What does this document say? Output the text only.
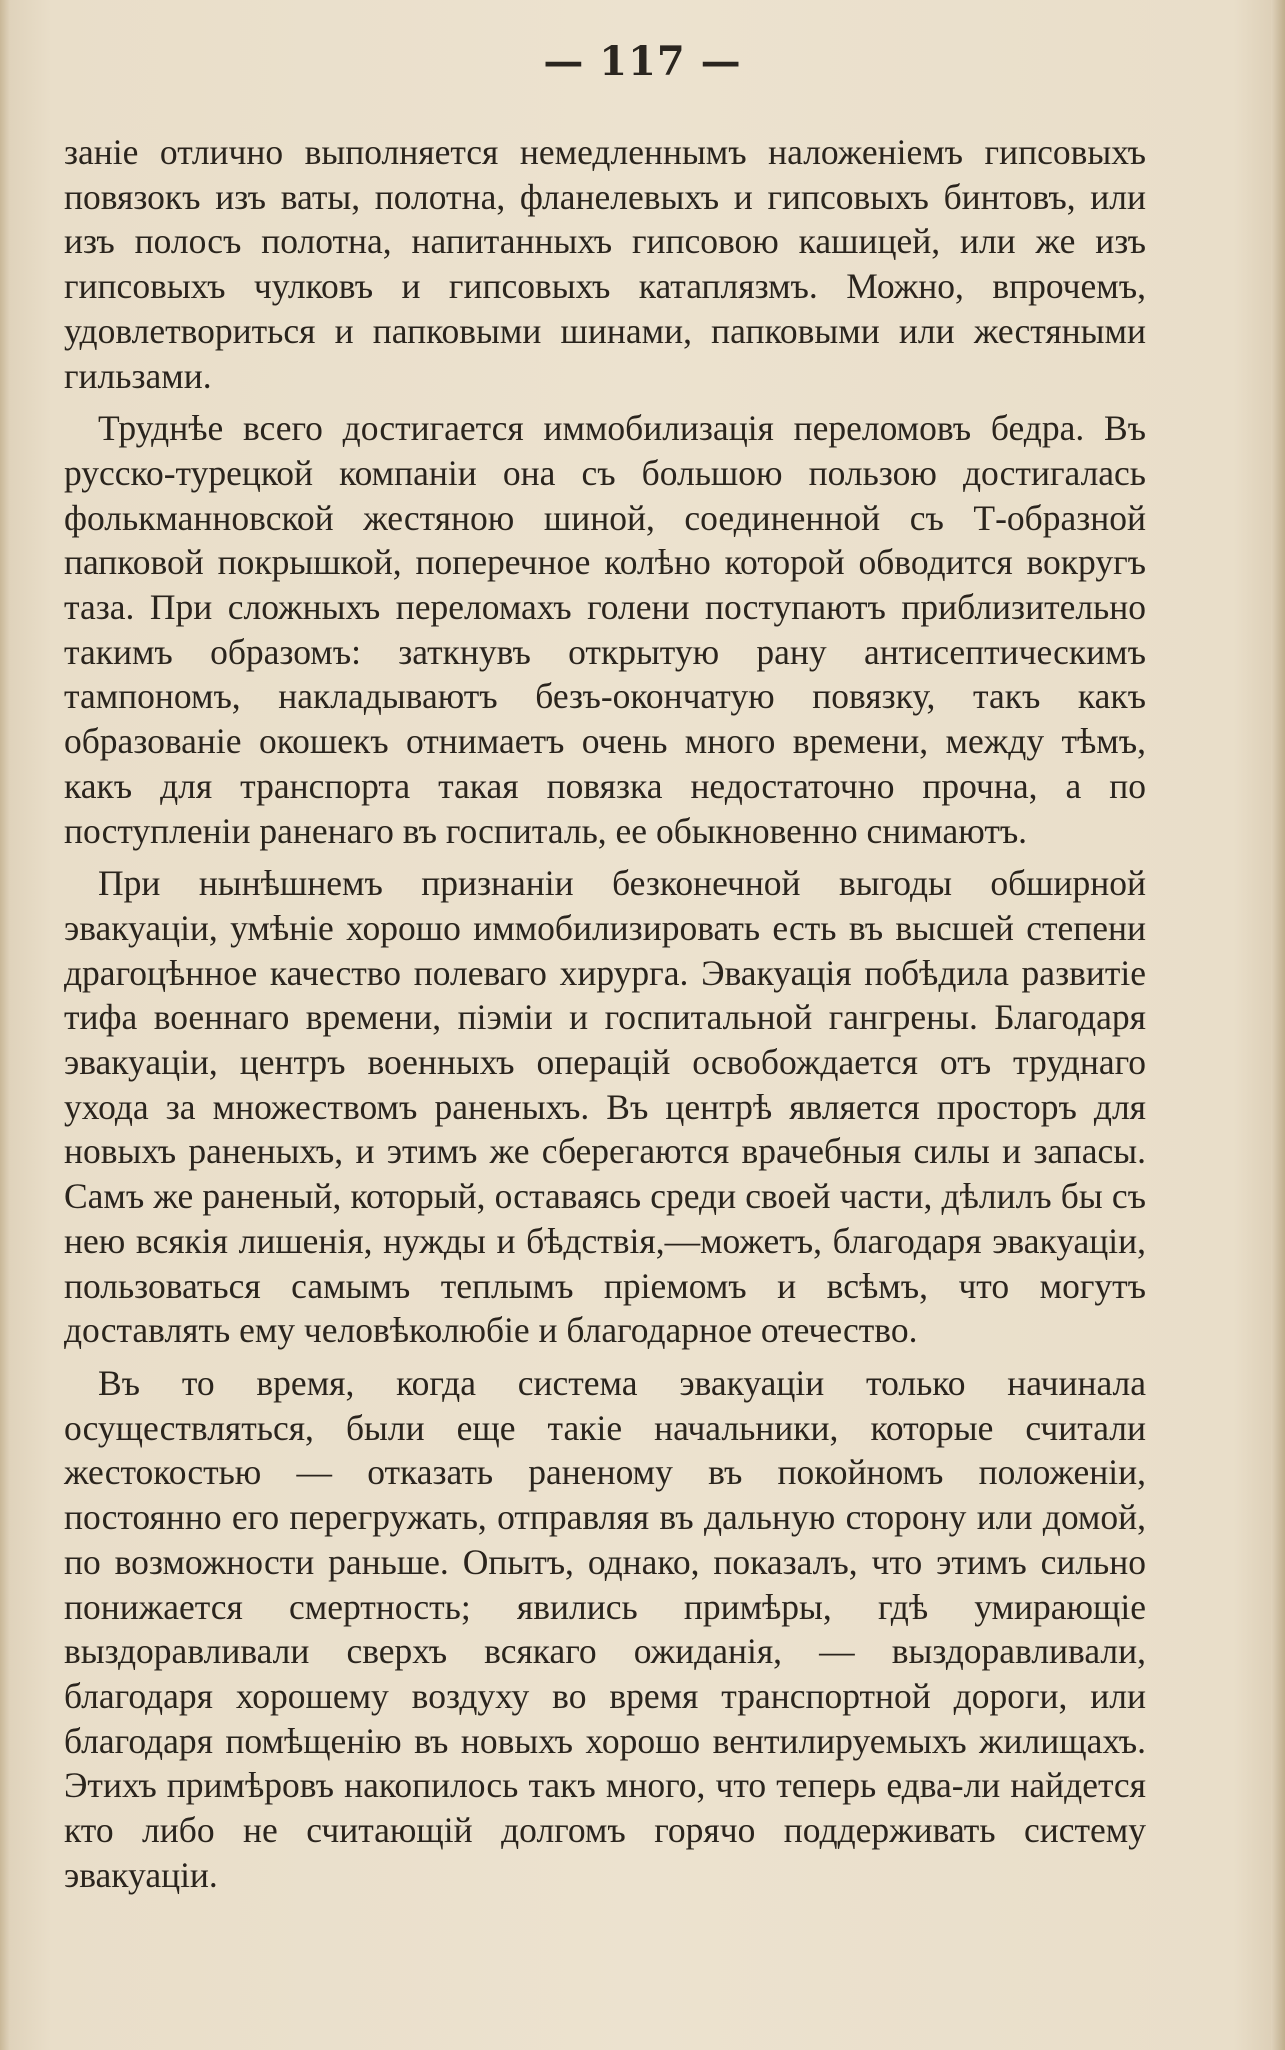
— 117 —

заніе отлично выполняется немедленнымъ наложеніемъ гипсовыхъ повязокъ изъ ваты, полотна, фланелевыхъ и гипсовыхъ бинтовъ, или изъ полосъ полотна, напитанныхъ гипсовою кашицей, или же изъ гипсовыхъ чулковъ и гипсовыхъ катаплязмъ. Можно, впрочемъ, удовлетвориться и папковыми шинами, папковыми или жестяными гильзами.

Труднѣе всего достигается иммобилизація переломовъ бедра. Въ русско-турецкой компаніи она съ большою пользою достигалась фолькманновской жестяною шиной, соединенной съ Т-образной папковой покрышкой, поперечное колѣно которой обводится вокругъ таза. При сложныхъ переломахъ голени поступаютъ приблизительно такимъ образомъ: заткнувъ открытую рану антисептическимъ тампономъ, накладываютъ безъ-окончатую повязку, такъ какъ образованіе окошекъ отнимаетъ очень много времени, между тѣмъ, какъ для транспорта такая повязка недостаточно прочна, а по поступленіи раненаго въ госпиталь, ее обыкновенно снимаютъ.

При нынѣшнемъ признаніи безконечной выгоды обширной эвакуаціи, умѣніе хорошо иммобилизировать есть въ высшей степени драгоцѣнное качество полеваго хирурга. Эвакуація побѣдила развитіе тифа военнаго времени, піэміи и госпитальной гангрены. Благодаря эвакуаціи, центръ военныхъ операцій освобождается отъ труднаго ухода за множествомъ раненыхъ. Въ центрѣ является просторъ для новыхъ раненыхъ, и этимъ же сберегаются врачебныя силы и запасы. Самъ же раненый, который, оставаясь среди своей части, дѣлилъ бы съ нею всякія лишенія, нужды и бѣдствія,—можетъ, благодаря эвакуаціи, пользоваться самымъ теплымъ пріемомъ и всѣмъ, что могутъ доставлять ему человѣколюбіе и благодарное отечество.

Въ то время, когда система эвакуаціи только начинала осуществляться, были еще такіе начальники, которые считали жестокостью — отказать раненому въ покойномъ положеніи, постоянно его перегружать, отправляя въ дальную сторону или домой, по возможности раньше. Опытъ, однако, показалъ, что этимъ сильно понижается смертность; явились примѣры, гдѣ умирающіе выздоравливали сверхъ всякаго ожиданія, — выздоравливали, благодаря хорошему воздуху во время транспортной дороги, или благодаря помѣщенію въ новыхъ хорошо вентилируемыхъ жилищахъ. Этихъ примѣровъ накопилось такъ много, что теперь едва-ли найдется кто либо не считающій долгомъ горячо поддерживать систему эвакуаціи.
